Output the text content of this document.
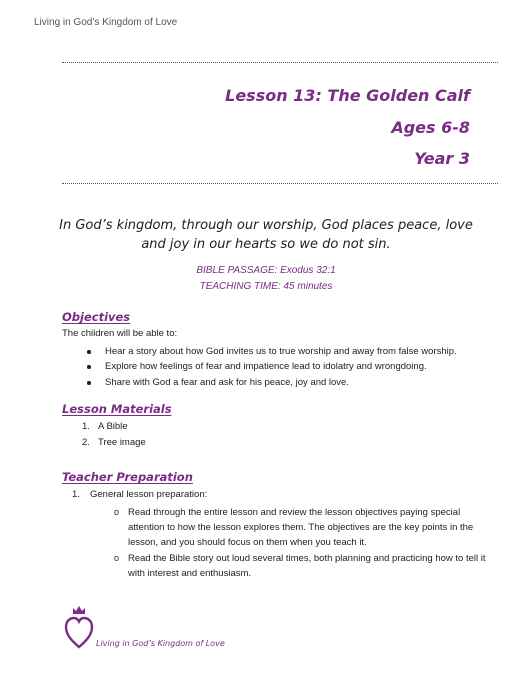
Living in God’s Kingdom of Love
Lesson 13: The Golden Calf
Ages 6-8
Year 3
In God’s kingdom, through our worship, God places peace, love and joy in our hearts so we do not sin.
BIBLE PASSAGE: Exodus 32:1
TEACHING TIME: 45 minutes
Objectives
The children will be able to:
Hear a story about how God invites us to true worship and away from false worship.
Explore how feelings of fear and impatience lead to idolatry and wrongdoing.
Share with God a fear and ask for his peace, joy and love.
Lesson Materials
1. A Bible
2. Tree image
Teacher Preparation
1. General lesson preparation:
o Read through the entire lesson and review the lesson objectives paying special attention to how the lesson explores them. The objectives are the key points in the lesson, and you should focus on them when you teach it.
o Read the Bible story out loud several times, both planning and practicing how to tell it with interest and enthusiasm.
Living in God’s Kingdom of Love
